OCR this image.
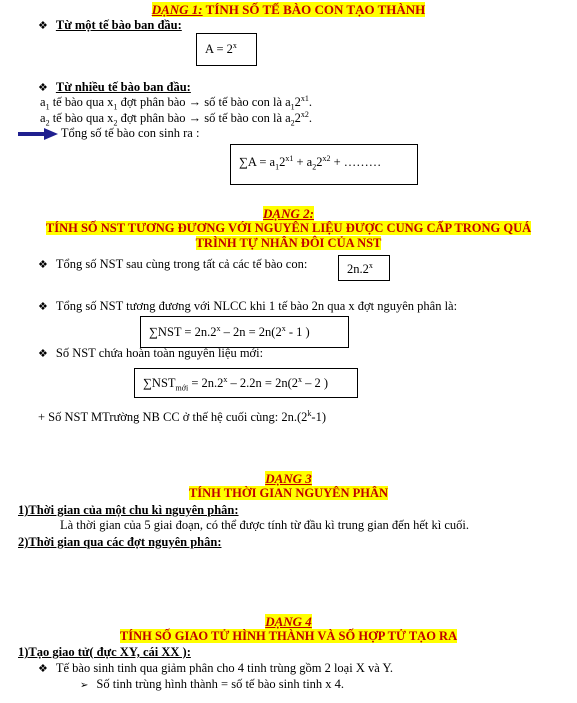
DẠNG 1: TÍNH SỐ TẾ BÀO CON TẠO THÀNH
❖ Từ một tế bào ban đầu:
$A = 2^x$
❖ Từ nhiều tế bào ban đầu:
$a_1$ tế bào qua $x_1$ đợt phân bào → số tế bào con là $a_12^{x1}$.
$a_2$ tế bào qua $x_2$ đợt phân bào → số tế bào con là $a_22^{x2}$.
Tổng số tế bào con sinh ra :
$\sum A = a_12^{x1} + a_22^{x2}$ + ………
DẠNG 2:
TÍNH SỐ NST TƯƠNG ĐƯƠNG VỚI NGUYÊN LIỆU ĐƯỢC CUNG CẤP TRONG QUÁ
TRÌNH TỰ NHÂN ĐÔI CỦA NST
❖ Tổng số NST sau cùng trong tất cả các tế bào con:	2n.2$^x$
❖ Tổng số NST tương đương với NLCC khi 1 tế bào 2n qua x đợt nguyên phân là:
$\sum NST = 2n.2^x - 2n = 2n(2^x - 1$ )
❖ Số NST chứa hoàn toàn nguyên liệu mới:
$\sum NST_{mới} = 2n.2^x - 2.2n = 2n(2^x - 2$ )
+ Số NST MTrường NB CC ở thế hệ cuối cùng: 2n.(2$^k$-1)
DẠNG 3
TÍNH THỜI GIAN NGUYÊN PHÂN
1)Thời gian của một chu kì nguyên phân:
Là thời gian của 5 giai đoạn, có thể được tính từ đầu kì trung gian đến hết kì cuối.
2)Thời gian qua các đợt nguyên phân:
DẠNG 4
TÍNH SỐ GIAO TỬ HÌNH THÀNH VÀ SỐ HỢP TỬ TẠO RA
1)Tạo giao tử( đực XY, cái XX ):
❖ Tế bào sinh tinh qua giảm phân cho 4 tinh trùng gồm 2 loại X và Y.
➢ Số tinh trùng hình thành = số tế bào sinh tinh x 4.
